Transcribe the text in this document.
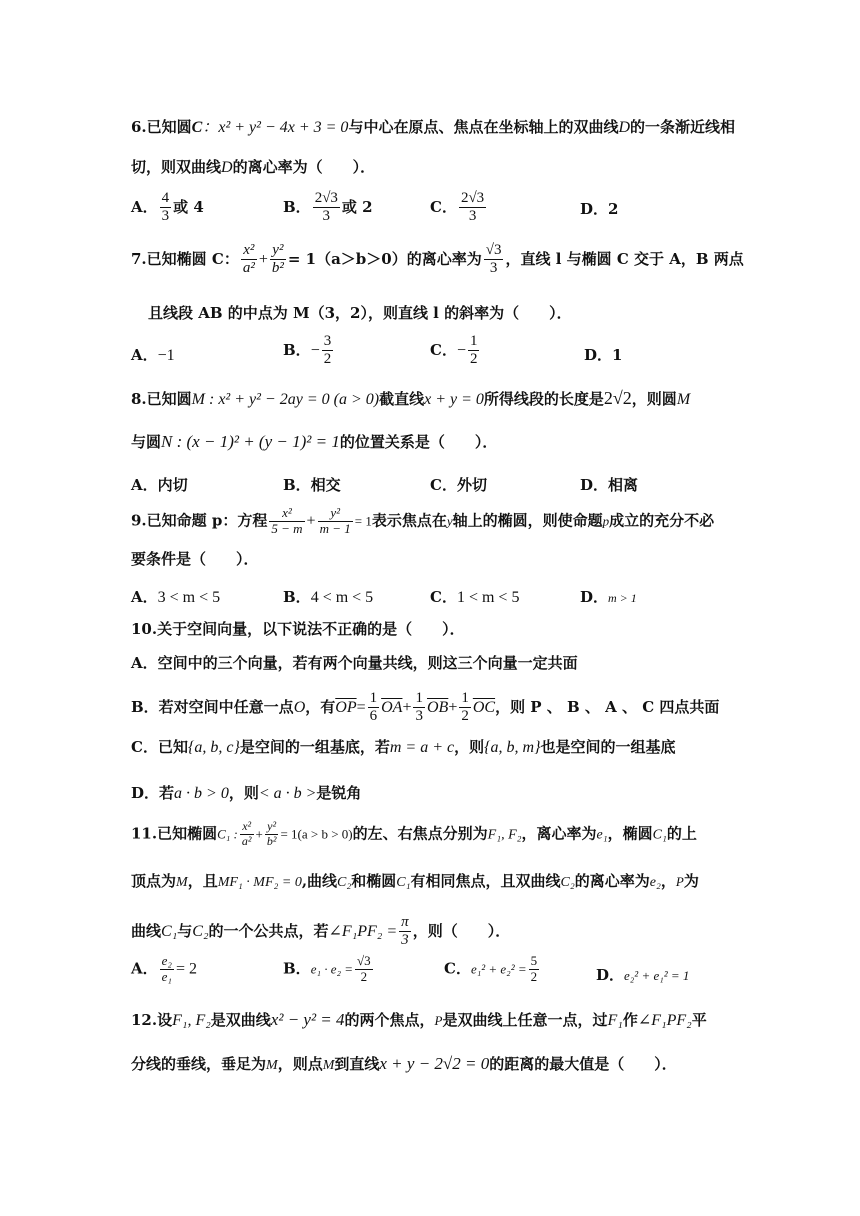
6.已知圆C：x² + y² − 4x + 3 = 0与中心在原点、焦点在坐标轴上的双曲线D的一条渐近线相
切，则双曲线D的离心率为（　　）．
A． $\frac{4}{3}$ 或 4	B． $\frac{2√3}{3}$ 或 2	C． $\frac{2√3}{3}$	D．2
7.已知椭圆 C： $\frac{\text{x²}}{\text{a²}} + \frac{\text{y²}}{\text{b²}} = 1(a>b>0)$的离心率为 $\frac{√3}{3}$ ，直线 l 与椭圆 C 交于 A，B 两点
且线段 AB 的中点为 M（3，2），则直线 l 的斜率为（　　）．
A．−1	B．− $\frac{3}{2}$	C．− $\frac{1}{2}$	D．1
8.已知圆M : x² + y² − 2ay = 0 (a > 0)截直线x + y = 0所得线段的长度是2√2，则圆M
与圆N : (x − 1)² + (y − 1)² = 1的位置关系是（　　）．
A．内切	B．相交	C．外切	D．相离
9.已知命题 p：方程 $\frac{\text{x²}}{5 - m} + \frac{\text{y²}}{m - 1} = 1$表示焦点在y轴上的椭圆，则使命题p成立的充分不必
要条件是（　　）．
A．3 < m < 5	B．4 < m < 5	C．1 < m < 5	D．m > 1
10.关于空间向量，以下说法不正确的是（　　）．
A．空间中的三个向量，若有两个向量共线，则这三个向量一定共面
B．若对空间中任意一点O，有$\overline{OP}= \frac{1}{6} \overline{OA}+ \frac{1}{3} \overline{OB}+ \frac{1}{2} \overline{OC}$，则 P 、 B 、 A 、 C 四点共面
C．已知{a, b, c}是空间的一组基底，若m = a + c，则{a, b, m}也是空间的一组基底
D．若a · b > 0，则< a · b >是锐角
11.已知椭圆C₁ : $\frac{\text{x²}}{\text{a²}} + \frac{\text{y²}}{\text{b²}} = 1(a > b > 0)$的左、右焦点分别为F₁, F₂，离心率为e₁，椭圆C₁的上
顶点为M，且MF₁ · MF₂ = 0,曲线C₂和椭圆C₁有相同焦点，且双曲线C₂的离心率为e₂，P为
曲线C₁与C₂的一个公共点，若∠F₁PF₂ = $\frac{\pi}{3}$ ，则（　　）．
A． $\frac{\text{e₂}}{\text{e₁}} = 2$	B．$e_1 \cdot e_2 = \frac{√3}{2}$	C．$e_1^2 + e_2^2 = \frac{5}{2}$	D．e₂² + e₁² = 1
12.设F₁, F₂是双曲线x² − y² = 4的两个焦点，P是双曲线上任意一点，过F₁作∠F₁PF₂平
分线的垂线，垂足为M，则点M到直线x + y − 2√2 = 0的距离的最大值是（　　）．
